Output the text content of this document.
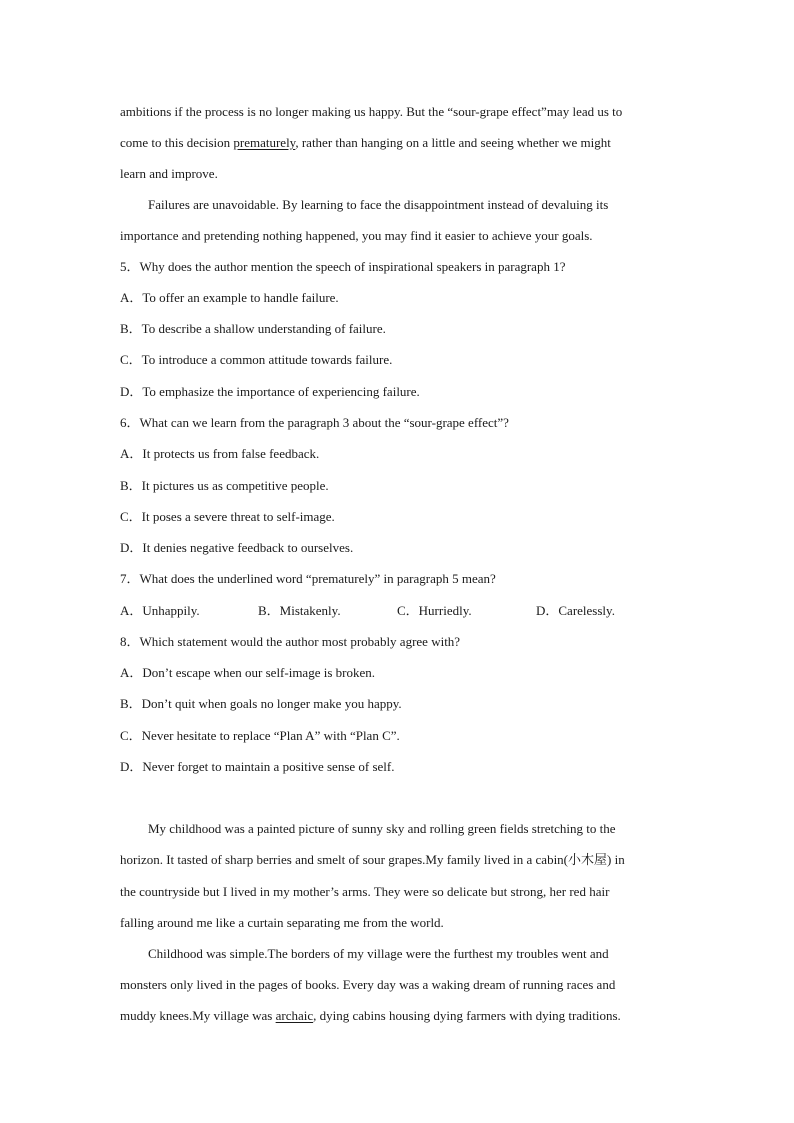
ambitions if the process is no longer making us happy. But the “sour-grape effect”may lead us to
come to this decision prematurely, rather than hanging on a little and seeing whether we might
learn and improve.
Failures are unavoidable. By learning to face the disappointment instead of devaluing its
importance and pretending nothing happened, you may find it easier to achieve your goals.
5．Why does the author mention the speech of inspirational speakers in paragraph 1?
A．To offer an example to handle failure.
B．To describe a shallow understanding of failure.
C．To introduce a common attitude towards failure.
D．To emphasize the importance of experiencing failure.
6．What can we learn from the paragraph 3 about the “sour-grape effect”?
A．It protects us from false feedback.
B．It pictures us as competitive people.
C．It poses a severe threat to self-image.
D．It denies negative feedback to ourselves.
7．What does the underlined word “prematurely” in paragraph 5 mean?
A．Unhappily.	B．Mistakenly.	C．Hurriedly.	D．Carelessly.
8．Which statement would the author most probably agree with?
A．Don’t escape when our self-image is broken.
B．Don’t quit when goals no longer make you happy.
C．Never hesitate to replace “Plan A” with “Plan C”.
D．Never forget to maintain a positive sense of self.
My childhood was a painted picture of sunny sky and rolling green fields stretching to the
horizon. It tasted of sharp berries and smelt of sour grapes.My family lived in a cabin(小木屋) in
the countryside but I lived in my mother’s arms. They were so delicate but strong, her red hair
falling around me like a curtain separating me from the world.
Childhood was simple.The borders of my village were the furthest my troubles went and
monsters only lived in the pages of books. Every day was a waking dream of running races and
muddy knees.My village was archaic, dying cabins housing dying farmers with dying traditions.
